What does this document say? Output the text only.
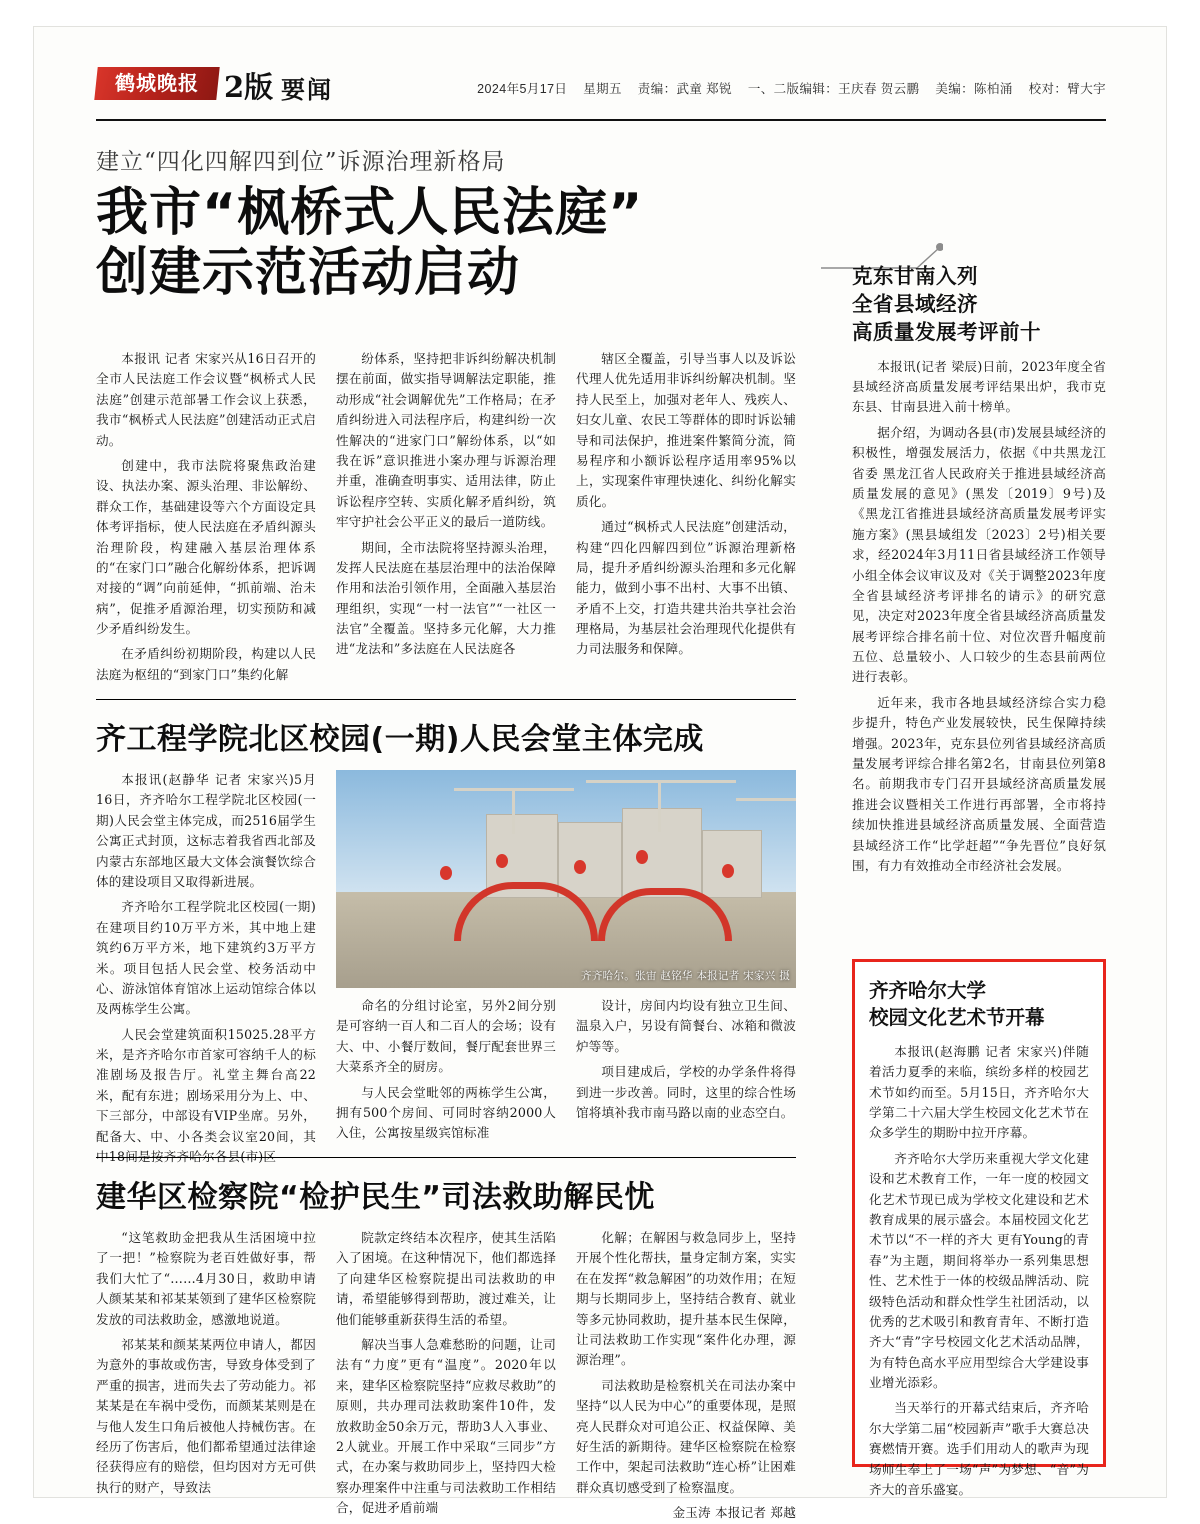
鹤城晚报 2版 要闻	2024年5月17日 星期五 责编：武童 郑锐 一、二版编辑：王庆春 贺云鹏 美编：陈柏涌 校对：臂大宇
建立“四化四解四到位”诉源治理新格局
我市“枫桥式人民法庭”
创建示范活动启动

本报讯 记者 宋家兴从16日召开的全市人民法庭工作会议暨“枫桥式人民法庭”创建示范部暑工作会议上获悉，我市“枫桥式人民法庭”创建活动正式启动。

创建中，我市法院将聚焦政治建设、执法办案、源头治理、非讼解纷、群众工作，基础建设等六个方面设定具体考评指标，使人民法庭在矛盾纠源头治理阶段，构建融入基层治理体系的“在家门口”融合化解纷体系，把诉调对接的“调”向前延伸，“抓前端、治未病”，促推矛盾源治理，切实预防和减少矛盾纠纷发生。

在矛盾纠纷初期阶段，构建以人民法庭为枢纽的“到家门口”集约化解

纷体系，坚持把非诉纠纷解决机制摆在前面，做实指导调解法定职能，推动形成“社会调解优先”工作格局；在矛盾纠纷进入司法程序后，构建纠纷一次性解决的“进家门口”解纷体系，以“如我在诉”意识推进小案办理与诉源治理并重，准确查明事实、适用法律，防止诉讼程序空转、实质化解矛盾纠纷，筑牢守护社会公平正义的最后一道防线。

期间，全市法院将坚持源头治理，发挥人民法庭在基层治理中的法治保障作用和法治引领作用，全面融入基层治理组织，实现“一村一法官”“一社区一法官”全覆盖。坚持多元化解，大力推进“龙法和”多法庭在人民法庭各

辖区全覆盖，引导当事人以及诉讼代理人优先适用非诉纠纷解决机制。坚持人民至上，加强对老年人、残疾人、妇女儿童、农民工等群体的即时诉讼辅导和司法保护，推进案件繁简分流，简易程序和小额诉讼程序适用率95%以上，实现案件审理快速化、纠纷化解实质化。

通过“枫桥式人民法庭”创建活动，构建“四化四解四到位”诉源治理新格局，提升矛盾纠纷源头治理和多元化解能力，做到小事不出村、大事不出镇、矛盾不上交，打造共建共治共享社会治理格局，为基层社会治理现代化提供有力司法服务和保障。

克东甘南入列
全省县域经济
高质量发展考评前十

本报讯(记者 梁辰)日前，2023年度全省县域经济高质量发展考评结果出炉，我市克东县、甘南县进入前十榜单。

据介绍，为调动各县(市)发展县域经济的积极性，增强发展活力，依据《中共黑龙江省委 黑龙江省人民政府关于推进县域经济高质量发展的意见》(黑发〔2019〕9号)及《黑龙江省推进县域经济高质量发展考评实施方案》(黑县域组发〔2023〕2号)相关要求，经2024年3月11日省县域经济工作领导小组全体会议审议及对《关于调整2023年度全省县域经济考评排名的请示》的研究意见，决定对2023年度全省县域经济高质量发展考评综合排名前十位、对位次晋升幅度前五位、总量较小、人口较少的生态县前两位进行表彰。

近年来，我市各地县域经济综合实力稳步提升，特色产业发展较快，民生保障持续增强。2023年，克东县位列省县域经济高质量发展考评综合排名第2名，甘南县位列第8名。前期我市专门召开县域经济高质量发展推进会议暨相关工作进行再部署，全市将持续加快推进县域经济高质量发展、全面营造县域经济工作“比学赶超”“争先晋位”良好氛围，有力有效推动全市经济社会发展。

齐工程学院北区校园(一期)人民会堂主体完成

本报讯(赵静华 记者 宋家兴)5月16日，齐齐哈尔工程学院北区校园(一期)人民会堂主体完成，而2516届学生公寓正式封顶，这标志着我省西北部及内蒙古东部地区最大文体会演餐饮综合体的建设项目又取得新进展。

齐齐哈尔工程学院北区校园(一期)在建项目约10万平方米，其中地上建筑约6万平方米，地下建筑约3万平方米。项目包括人民会堂、校务活动中心、游泳馆体育馆冰上运动馆综合体以及两栋学生公寓。

人民会堂建筑面积15025.28平方米，是齐齐哈尔市首家可容纳千人的标准剧场及报告厅。礼堂主舞台高22米，配有东进；剧场采用分为上、中、下三部分，中部设有VIP坐席。另外，配备大、中、小各类会议室20间，其中18间是按齐齐哈尔各县(市)区

齐齐哈尔。张宙 赵铭华 本报记者 宋家兴 摄

命名的分组讨论室，另外2间分别是可容纳一百人和二百人的会场；设有大、中、小餐厅数间，餐厅配套世界三大菜系齐全的厨房。

与人民会堂毗邻的两栋学生公寓，拥有500个房间、可同时容纳2000人入住，公寓按星级宾馆标准

设计，房间内均设有独立卫生间、温泉入户，另设有简餐台、冰箱和微波炉等等。

项目建成后，学校的办学条件将得到进一步改善。同时，这里的综合性场馆将填补我市南马路以南的业态空白。

建华区检察院“检护民生”司法救助解民忧

“这笔救助金把我从生活困境中拉了一把！”检察院为老百姓做好事，帮我们大忙了“……4月30日，救助申请人颜某某和祁某某领到了建华区检察院发放的司法救助金，感激地说道。

祁某某和颜某某两位申请人，都因为意外的事故或伤害，导致身体受到了严重的损害，进而失去了劳动能力。祁某某是在车祸中受伤，而颜某某则是在与他人发生口角后被他人持械伤害。在经历了伤害后，他们都希望通过法律途径获得应有的赔偿，但均因对方无可供执行的财产，导致法

院款定终结本次程序，使其生活陷入了困境。在这种情况下，他们都选择了向建华区检察院提出司法救助的申请，希望能够得到帮助，渡过难关，让他们能够重新获得生活的希望。

解决当事人急难愁盼的问题，让司法有“力度”更有“温度”。2020年以来，建华区检察院坚持“应救尽救助”的原则，共办理司法救助案件10件，发放救助金50余万元，帮助3人入事业、2人就业。开展工作中采取“三同步”方式，在办案与救助同步上，坚持四大检察办理案件中注重与司法救助工作相结合，促进矛盾前端

化解；在解困与救急同步上，坚持开展个性化帮扶，量身定制方案，实实在在发挥“救急解困”的功效作用；在短期与长期同步上，坚持结合教育、就业等多元协同救助，提升基本民生保障，让司法救助工作实现“案件化办理，源源治理”。

司法救助是检察机关在司法办案中坚持“以人民为中心”的重要体现，是照亮人民群众对可追公正、权益保障、美好生活的新期待。建华区检察院在检察工作中，架起司法救助“连心桥”让困难群众真切感受到了检察温度。

金玉涛 本报记者 郑越

齐齐哈尔大学
校园文化艺术节开幕

本报讯(赵海鹏 记者 宋家兴)伴随着活力夏季的来临，缤纷多样的校园艺术节如约而至。5月15日，齐齐哈尔大学第二十六届大学生校园文化艺术节在众多学生的期盼中拉开序幕。

齐齐哈尔大学历来重视大学文化建设和艺术教育工作，一年一度的校园文化艺术节现已成为学校文化建设和艺术教育成果的展示盛会。本届校园文化艺术节以“不一样的齐大 更有Young的青春”为主题，期间将举办一系列集思想性、艺术性于一体的校级品牌活动、院级特色活动和群众性学生社团活动，以优秀的艺术吸引和教育青年、不断打造齐大“青”字号校园文化艺术活动品牌，为有特色高水平应用型综合大学建设事业增光添彩。

当天举行的开幕式结束后，齐齐哈尔大学第二届“校园新声”歌手大赛总决赛燃情开赛。选手们用动人的歌声为现场师生奉上了一场“声”为梦想、“音”为齐大的音乐盛宴。
